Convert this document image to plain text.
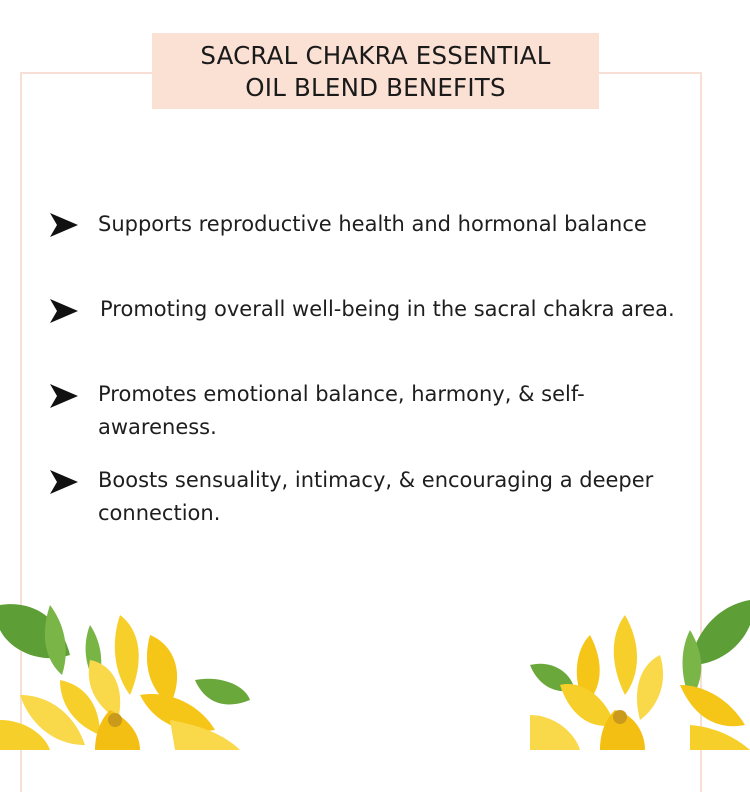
SACRAL CHAKRA ESSENTIAL
OIL BLEND BENEFITS
Supports reproductive health and hormonal balance
Promoting overall well-being in the sacral chakra area.
Promotes emotional balance, harmony, & self-awareness.
Boosts sensuality, intimacy, & encouraging a deeper connection.
